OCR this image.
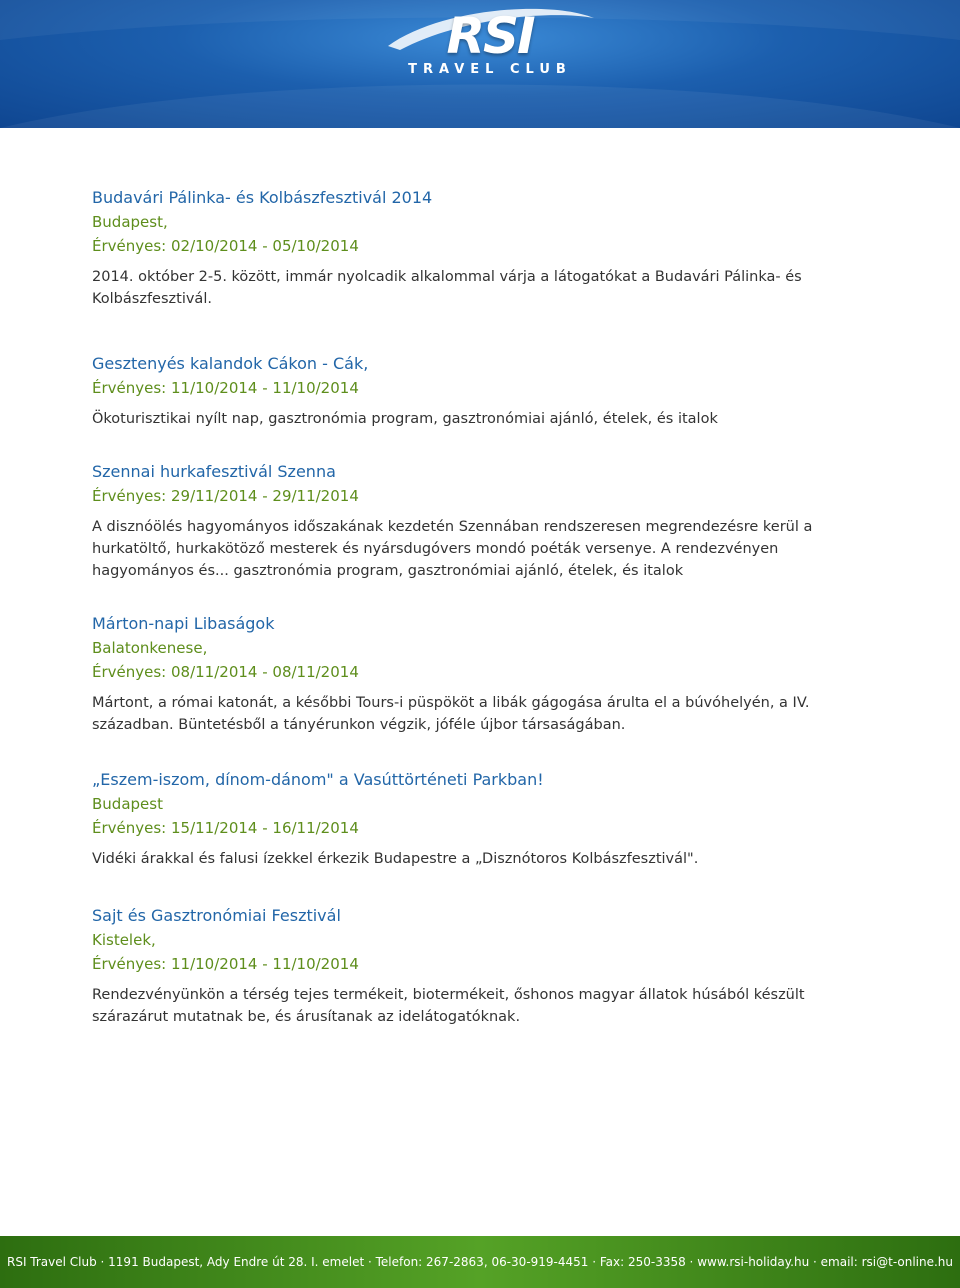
RSI
TRAVEL CLUB
Budavári Pálinka- és Kolbászfesztivál 2014
Budapest,
Érvényes: 02/10/2014 - 05/10/2014
2014. október 2-5. között, immár nyolcadik alkalommal várja a látogatókat a Budavári Pálinka- és Kolbászfesztivál.
Gesztenyés kalandok Cákon - Cák,
Érvényes: 11/10/2014 - 11/10/2014
Ökoturisztikai nyílt nap, gasztronómia program, gasztronómiai ajánló, ételek, és italok
Szennai hurkafesztivál Szenna
Érvényes: 29/11/2014 - 29/11/2014
A disznóölés hagyományos időszakának kezdetén Szennában rendszeresen megrendezésre kerül a hurkatöltő, hurkakötöző mesterek és nyársdugóvers mondó poéták versenye. A rendezvényen hagyományos és... gasztronómia program, gasztronómiai ajánló, ételek, és italok
Márton-napi Libaságok
Balatonkenese,
Érvényes: 08/11/2014 - 08/11/2014
Mártont, a római katonát, a későbbi Tours-i püspököt a libák gágogása árulta el a búvóhelyén, a IV. században. Büntetésből a tányérunkon végzik, jóféle újbor társaságában.
„Eszem-iszom, dínom-dánom" a Vasúttörténeti Parkban!
Budapest
Érvényes: 15/11/2014 - 16/11/2014
Vidéki árakkal és falusi ízekkel érkezik Budapestre a „Disznótoros Kolbászfesztivál".
Sajt és Gasztronómiai Fesztivál
Kistelek,
Érvényes: 11/10/2014 - 11/10/2014
Rendezvényünkön a térség tejes termékeit, biotermékeit, őshonos magyar állatok húsából készült szárazárut mutatnak be, és árusítanak az idelátogatóknak.
RSI Travel Club · 1191 Budapest, Ady Endre út 28. I. emelet · Telefon: 267-2863, 06-30-919-4451 · Fax: 250-3358 · www.rsi-holiday.hu · email: rsi@t-online.hu
